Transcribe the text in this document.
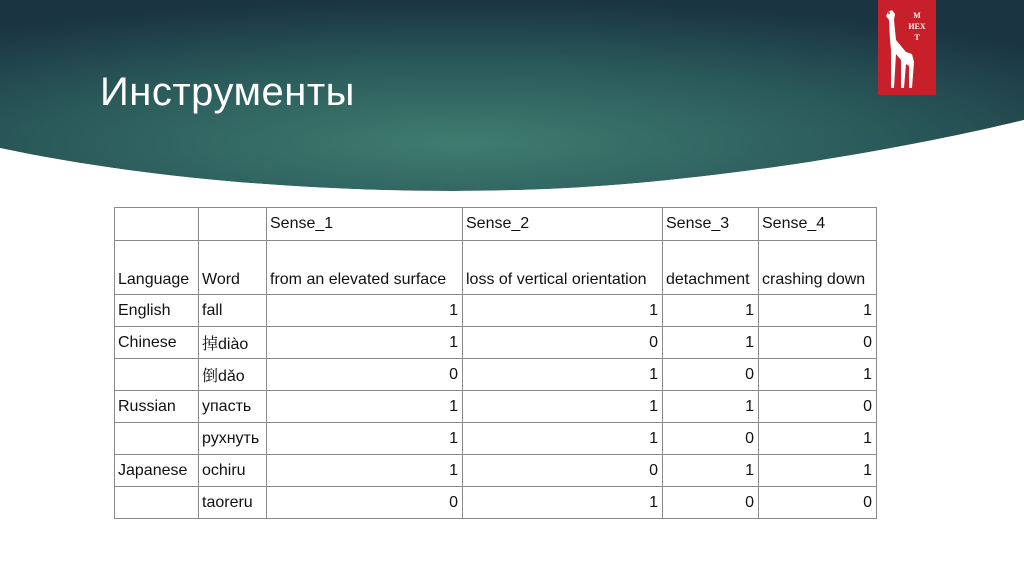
Инструменты
М
ИЕХ
Т
		Sense_1	Sense_2	Sense_3	Sense_4
Language	Word	from an elevated surface	loss of vertical orientation	detachment	crashing down
English	fall	1	1	1	1
Chinese	掉diào	1	0	1	0
	倒dǎo	0	1	0	1
Russian	упасть	1	1	1	0
	рухнуть	1	1	0	1
Japanese	ochiru	1	0	1	1
	taoreru	0	1	0	0
